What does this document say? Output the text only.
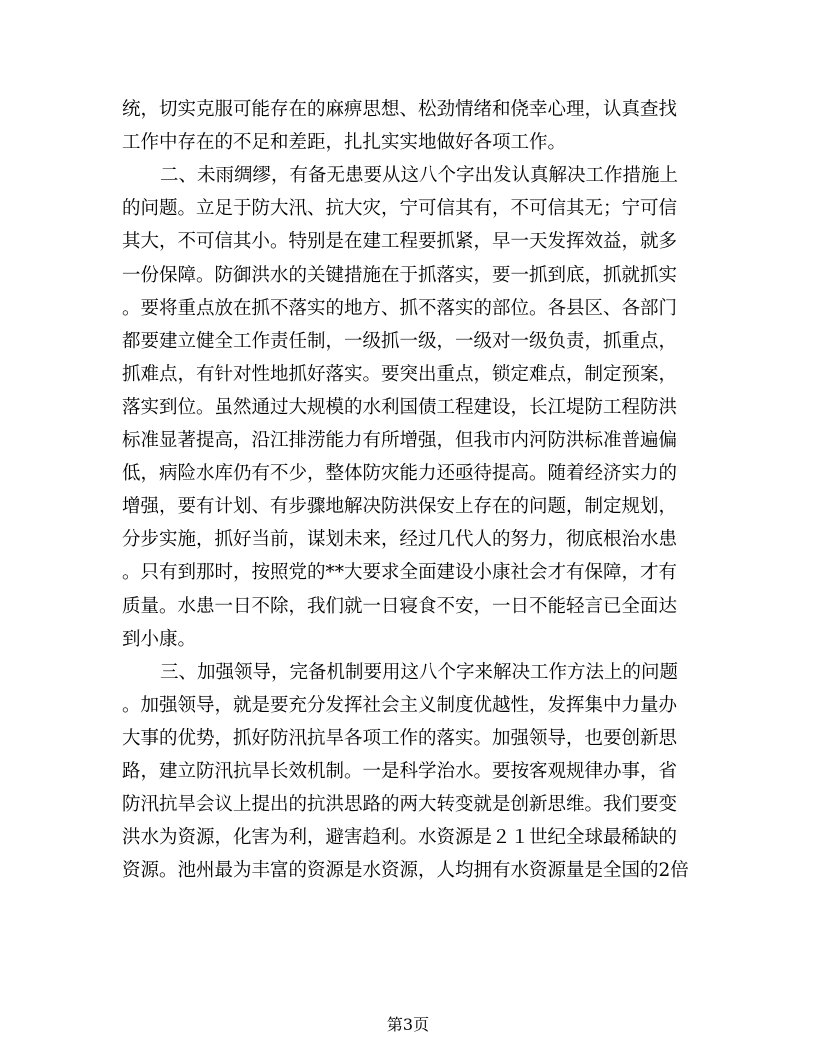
统，切实克服可能存在的麻痹思想、松劲情绪和侥幸心理，认真查找
工作中存在的不足和差距，扎扎实实地做好各项工作。
二、未雨绸缪，有备无患要从这八个字出发认真解决工作措施上
的问题。立足于防大汛、抗大灾，宁可信其有，不可信其无；宁可信
其大，不可信其小。特别是在建工程要抓紧，早一天发挥效益，就多
一份保障。防御洪水的关键措施在于抓落实，要一抓到底，抓就抓实
。要将重点放在抓不落实的地方、抓不落实的部位。各县区、各部门
都要建立健全工作责任制，一级抓一级，一级对一级负责，抓重点，
抓难点，有针对性地抓好落实。要突出重点，锁定难点，制定预案，
落实到位。虽然通过大规模的水利国债工程建设，长江堤防工程防洪
标准显著提高，沿江排涝能力有所增强，但我市内河防洪标准普遍偏
低，病险水库仍有不少，整体防灾能力还亟待提高。随着经济实力的
增强，要有计划、有步骤地解决防洪保安上存在的问题，制定规划，
分步实施，抓好当前，谋划未来，经过几代人的努力，彻底根治水患
。只有到那时，按照党的**大要求全面建设小康社会才有保障，才有
质量。水患一日不除，我们就一日寝食不安，一日不能轻言已全面达
到小康。
三、加强领导，完备机制要用这八个字来解决工作方法上的问题
。加强领导，就是要充分发挥社会主义制度优越性，发挥集中力量办
大事的优势，抓好防汛抗旱各项工作的落实。加强领导，也要创新思
路，建立防汛抗旱长效机制。一是科学治水。要按客观规律办事，省
防汛抗旱会议上提出的抗洪思路的两大转变就是创新思维。我们要变
洪水为资源，化害为利，避害趋利。水资源是２１世纪全球最稀缺的
资源。池州最为丰富的资源是水资源，人均拥有水资源量是全国的2倍
第3页
